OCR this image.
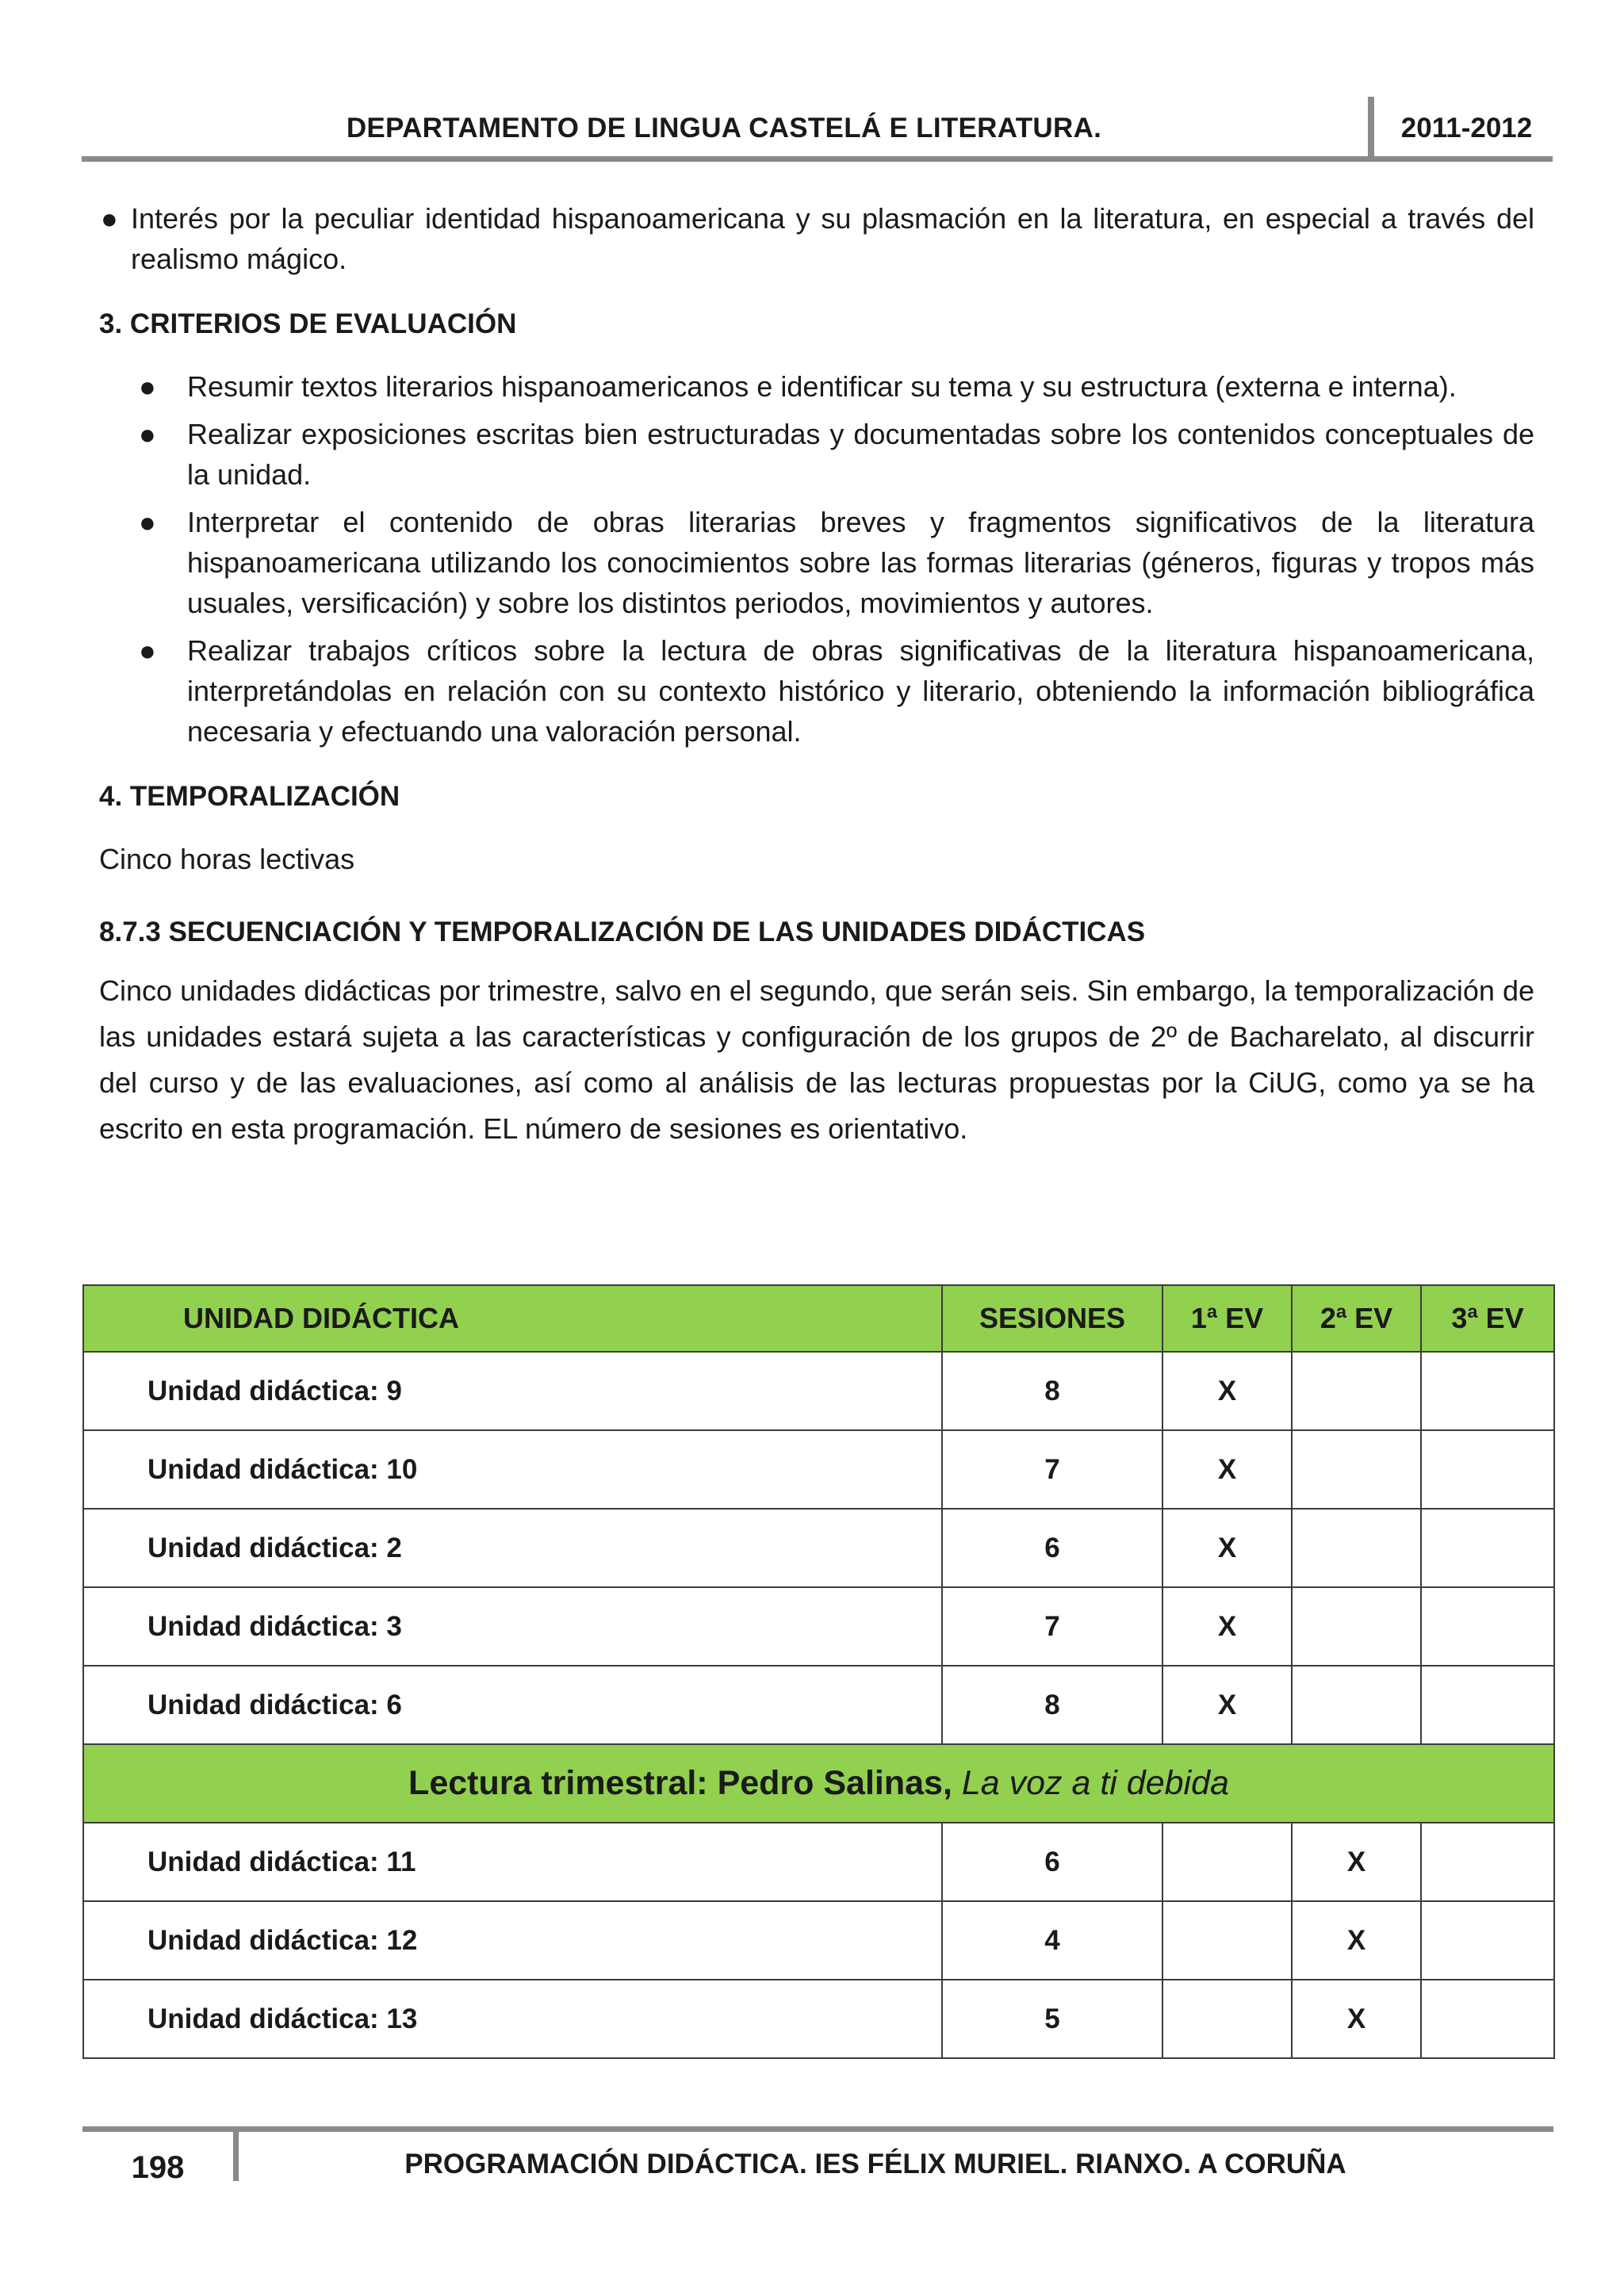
DEPARTAMENTO DE LINGUA CASTELÁ E LITERATURA.	2011-2012

● Interés por la peculiar identidad hispanoamericana y su plasmación en la literatura, en especial a través del realismo mágico.

3. CRITERIOS DE EVALUACIÓN
● Resumir textos literarios hispanoamericanos e identificar su tema y su estructura (externa e interna).
● Realizar exposiciones escritas bien estructuradas y documentadas sobre los contenidos conceptuales de la unidad.
● Interpretar el contenido de obras literarias breves y fragmentos significativos de la literatura hispanoamericana utilizando los conocimientos sobre las formas literarias (géneros, figuras y tropos más usuales, versificación) y sobre los distintos periodos, movimientos y autores.
● Realizar trabajos críticos sobre la lectura de obras significativas de la literatura hispanoamericana, interpretándolas en relación con su contexto histórico y literario, obteniendo la información bibliográfica necesaria y efectuando una valoración personal.
4. TEMPORALIZACIÓN

Cinco horas lectivas

8.7.3 SECUENCIACIÓN Y TEMPORALIZACIÓN DE LAS UNIDADES DIDÁCTICAS

Cinco unidades didácticas por trimestre, salvo en el segundo, que serán seis. Sin embargo, la temporalización de las unidades estará sujeta a las características y configuración de los grupos de 2º de Bacharelato, al discurrir del curso y de las evaluaciones, así como al análisis de las lecturas propuestas por la CiUG, como ya se ha escrito en esta programación. EL número de sesiones es orientativo.

UNIDAD DIDÁCTICA	SESIONES	1ª EV	2ª EV	3ª EV
Unidad didáctica: 9	8	X		
Unidad didáctica: 10	7	X		
Unidad didáctica: 2	6	X		
Unidad didáctica: 3	7	X		
Unidad didáctica: 6	8	X		
Lectura trimestral: Pedro Salinas, La voz a ti debida				
Unidad didáctica: 11	6		X	
Unidad didáctica: 12	4		X	
Unidad didáctica: 13	5		X	
198	PROGRAMACIÓN DIDÁCTICA. IES FÉLIX MURIEL. RIANXO. A CORUÑA
